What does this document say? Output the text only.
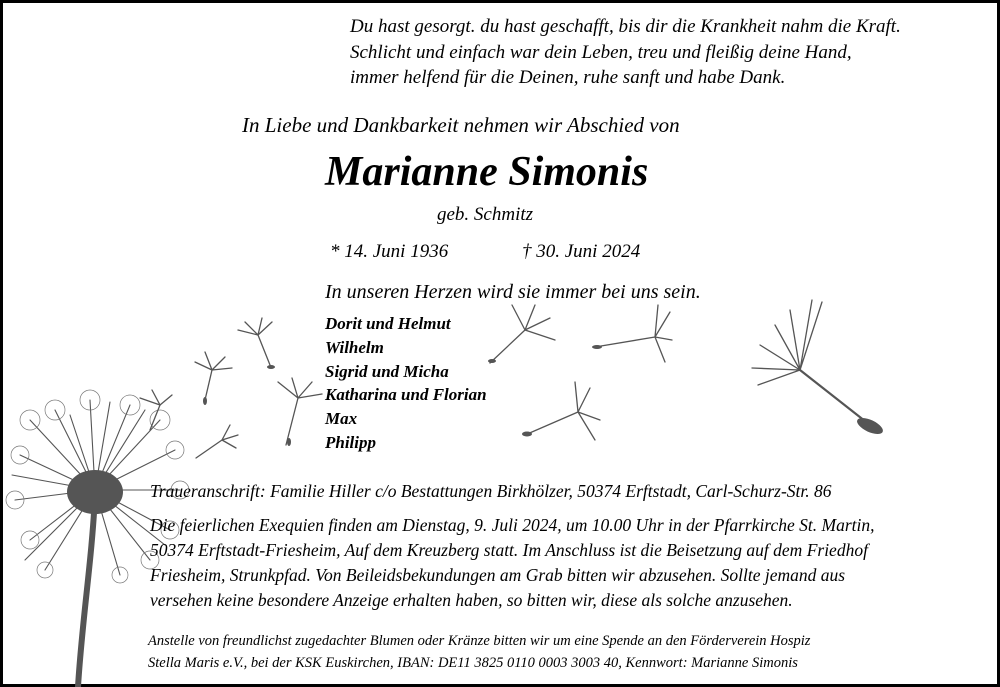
Du hast gesorgt. du hast geschafft, bis dir die Krankheit nahm die Kraft.
Schlicht und einfach war dein Leben, treu und fleißig deine Hand,
immer helfend für die Deinen, ruhe sanft und habe Dank.
In Liebe und Dankbarkeit nehmen wir Abschied von
Marianne Simonis
geb. Schmitz
* 14. Juni 1936	† 30. Juni 2024
In unseren Herzen wird sie immer bei uns sein.
Dorit und Helmut
Wilhelm
Sigrid und Micha
Katharina und Florian
Max
Philipp
Traueranschrift: Familie Hiller c/o Bestattungen Birkhölzer, 50374 Erftstadt, Carl-Schurz-Str. 86
Die feierlichen Exequien finden am Dienstag, 9. Juli 2024, um 10.00 Uhr in der Pfarrkirche St. Martin,
50374 Erftstadt-Friesheim, Auf dem Kreuzberg statt. Im Anschluss ist die Beisetzung auf dem Friedhof
Friesheim, Strunkpfad. Von Beileidsbekundungen am Grab bitten wir abzusehen. Sollte jemand aus
versehen keine besondere Anzeige erhalten haben, so bitten wir, diese als solche anzusehen.
Anstelle von freundlichst zugedachter Blumen oder Kränze bitten wir um eine Spende an den Förderverein Hospiz
Stella Maris e.V., bei der KSK Euskirchen, IBAN: DE11 3825 0110 0003 3003 40, Kennwort: Marianne Simonis
